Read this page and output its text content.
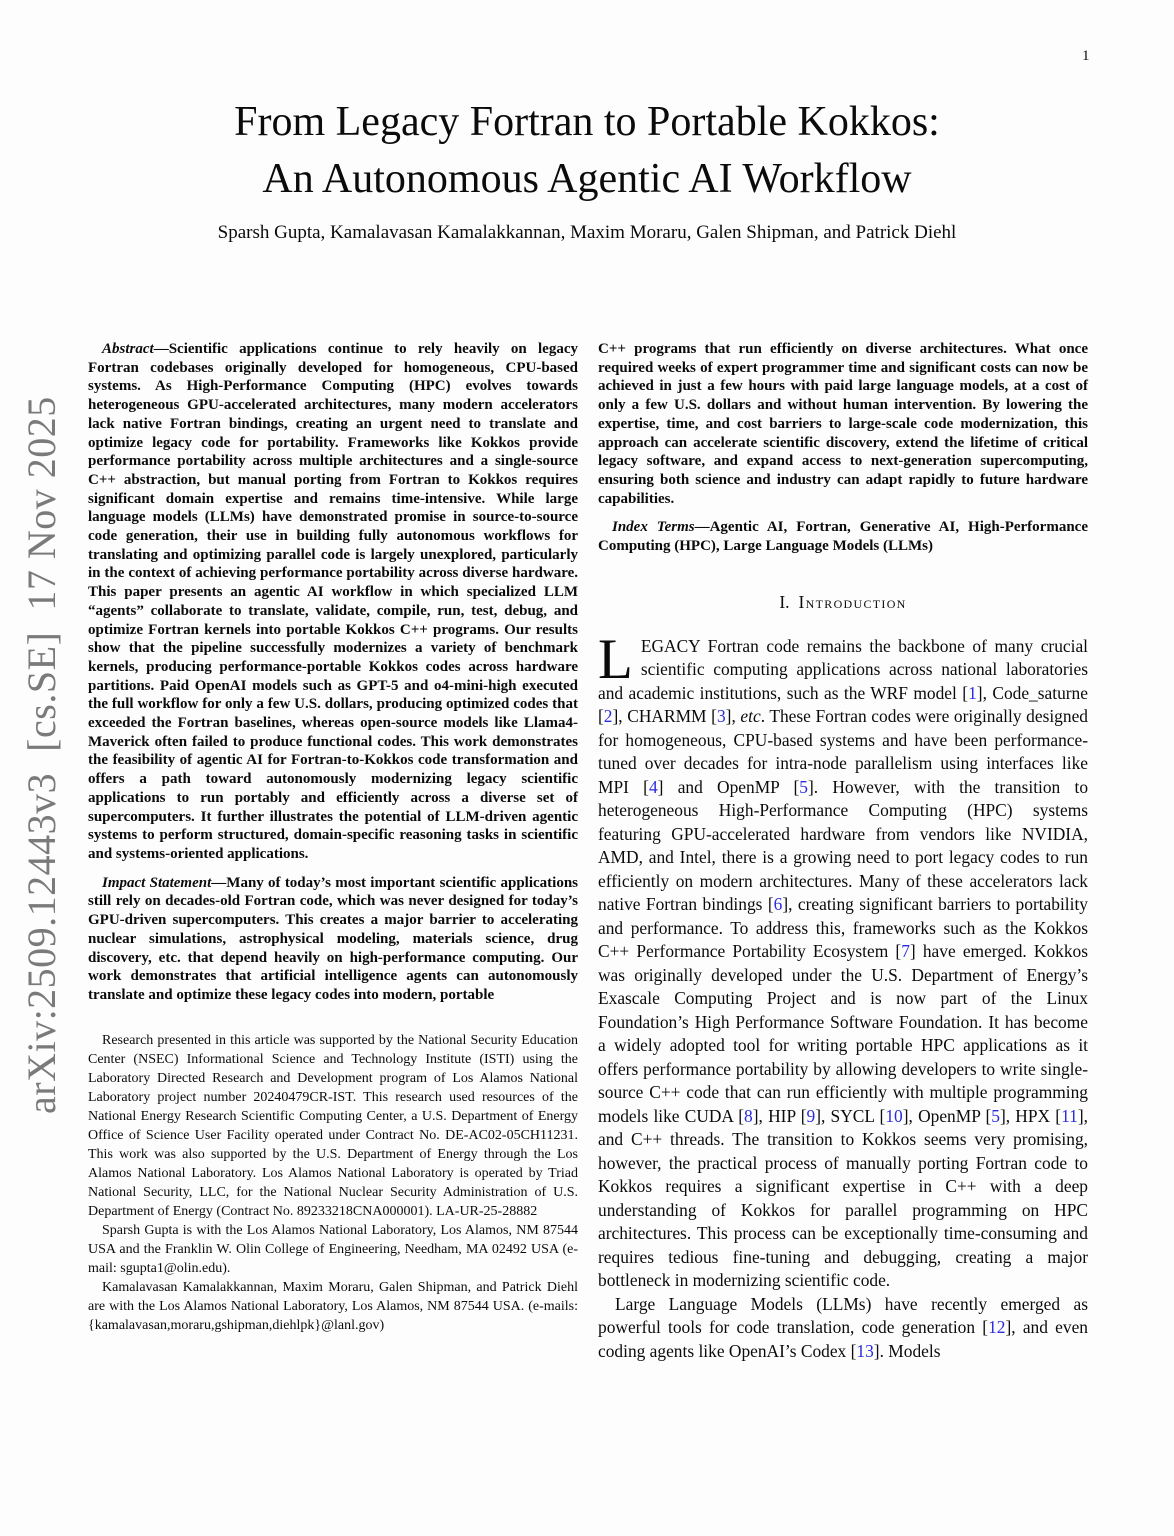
1
arXiv:2509.12443v3  [cs.SE]  17 Nov 2025
From Legacy Fortran to Portable Kokkos:
An Autonomous Agentic AI Workflow
Sparsh Gupta, Kamalavasan Kamalakkannan, Maxim Moraru, Galen Shipman, and Patrick Diehl

Abstract—Scientific applications continue to rely heavily on legacy Fortran codebases originally developed for homogeneous, CPU-based systems. As High-Performance Computing (HPC) evolves towards heterogeneous GPU-accelerated architectures, many modern accelerators lack native Fortran bindings, creating an urgent need to translate and optimize legacy code for portability. Frameworks like Kokkos provide performance portability across multiple architectures and a single-source C++ abstraction, but manual porting from Fortran to Kokkos requires significant domain expertise and remains time-intensive. While large language models (LLMs) have demonstrated promise in source-to-source code generation, their use in building fully autonomous workflows for translating and optimizing parallel code is largely unexplored, particularly in the context of achieving performance portability across diverse hardware. This paper presents an agentic AI workflow in which specialized LLM “agents” collaborate to translate, validate, compile, run, test, debug, and optimize Fortran kernels into portable Kokkos C++ programs. Our results show that the pipeline successfully modernizes a variety of benchmark kernels, producing performance-portable Kokkos codes across hardware partitions. Paid OpenAI models such as GPT-5 and o4-mini-high executed the full workflow for only a few U.S. dollars, producing optimized codes that exceeded the Fortran baselines, whereas open-source models like Llama4-Maverick often failed to produce functional codes. This work demonstrates the feasibility of agentic AI for Fortran-to-Kokkos code transformation and offers a path toward autonomously modernizing legacy scientific applications to run portably and efficiently across a diverse set of supercomputers. It further illustrates the potential of LLM-driven agentic systems to perform structured, domain-specific reasoning tasks in scientific and systems-oriented applications.

Impact Statement—Many of today’s most important scientific applications still rely on decades-old Fortran code, which was never designed for today’s GPU-driven supercomputers. This creates a major barrier to accelerating nuclear simulations, astrophysical modeling, materials science, drug discovery, etc. that depend heavily on high-performance computing. Our work demonstrates that artificial intelligence agents can autonomously translate and optimize these legacy codes into modern, portable

Research presented in this article was supported by the National Security Education Center (NSEC) Informational Science and Technology Institute (ISTI) using the Laboratory Directed Research and Development program of Los Alamos National Laboratory project number 20240479CR-IST. This research used resources of the National Energy Research Scientific Computing Center, a U.S. Department of Energy Office of Science User Facility operated under Contract No. DE-AC02-05CH11231. This work was also supported by the U.S. Department of Energy through the Los Alamos National Laboratory. Los Alamos National Laboratory is operated by Triad National Security, LLC, for the National Nuclear Security Administration of U.S. Department of Energy (Contract No. 89233218CNA000001). LA-UR-25-28882

Sparsh Gupta is with the Los Alamos National Laboratory, Los Alamos, NM 87544 USA and the Franklin W. Olin College of Engineering, Needham, MA 02492 USA (e-mail: sgupta1@olin.edu).

Kamalavasan Kamalakkannan, Maxim Moraru, Galen Shipman, and Patrick Diehl are with the Los Alamos National Laboratory, Los Alamos, NM 87544 USA. (e-mails: {kamalavasan,moraru,gshipman,diehlpk}@lanl.gov)

C++ programs that run efficiently on diverse architectures. What once required weeks of expert programmer time and significant costs can now be achieved in just a few hours with paid large language models, at a cost of only a few U.S. dollars and without human intervention. By lowering the expertise, time, and cost barriers to large-scale code modernization, this approach can accelerate scientific discovery, extend the lifetime of critical legacy software, and expand access to next-generation supercomputing, ensuring both science and industry can adapt rapidly to future hardware capabilities.

Index Terms—Agentic AI, Fortran, Generative AI, High-Performance Computing (HPC), Large Language Models (LLMs)

I. Introduction

LEGACY Fortran code remains the backbone of many crucial scientific computing applications across national laboratories and academic institutions, such as the WRF model [1], Code_saturne [2], CHARMM [3], etc. These Fortran codes were originally designed for homogeneous, CPU-based systems and have been performance-tuned over decades for intra-node parallelism using interfaces like MPI [4] and OpenMP [5]. However, with the transition to heterogeneous High-Performance Computing (HPC) systems featuring GPU-accelerated hardware from vendors like NVIDIA, AMD, and Intel, there is a growing need to port legacy codes to run efficiently on modern architectures. Many of these accelerators lack native Fortran bindings [6], creating significant barriers to portability and performance. To address this, frameworks such as the Kokkos C++ Performance Portability Ecosystem [7] have emerged. Kokkos was originally developed under the U.S. Department of Energy’s Exascale Computing Project and is now part of the Linux Foundation’s High Performance Software Foundation. It has become a widely adopted tool for writing portable HPC applications as it offers performance portability by allowing developers to write single-source C++ code that can run efficiently with multiple programming models like CUDA [8], HIP [9], SYCL [10], OpenMP [5], HPX [11], and C++ threads. The transition to Kokkos seems very promising, however, the practical process of manually porting Fortran code to Kokkos requires a significant expertise in C++ with a deep understanding of Kokkos for parallel programming on HPC architectures. This process can be exceptionally time-consuming and requires tedious fine-tuning and debugging, creating a major bottleneck in modernizing scientific code.

Large Language Models (LLMs) have recently emerged as powerful tools for code translation, code generation [12], and even coding agents like OpenAI’s Codex [13]. Models
